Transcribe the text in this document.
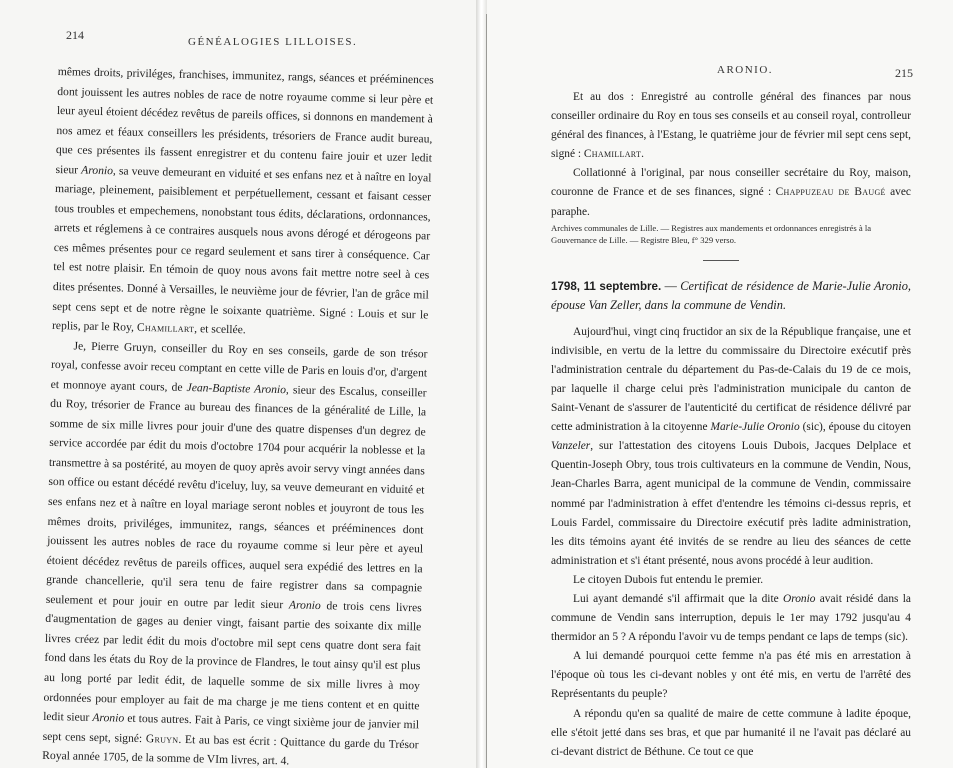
214	GÉNÉALOGIES LILLOISES.

mêmes droits, priviléges, franchises, immunitez, rangs, séances et prééminences dont jouissent les autres nobles de race de notre royaume comme si leur père et leur ayeul étoient décédez revêtus de pareils offices, si donnons en mandement à nos amez et féaux conseillers les présidents, trésoriers de France audit bureau, que ces présentes ils fassent enregistrer et du contenu faire jouir et uzer ledit sieur Aronio, sa veuve demeurant en viduité et ses enfans nez et à naître en loyal mariage, pleinement, paisiblement et perpétuellement, cessant et faisant cesser tous troubles et empechemens, nonobstant tous édits, déclarations, ordonnances, arrets et réglemens à ce contraires ausquels nous avons dérogé et dérogeons par ces mêmes présentes pour ce regard seulement et sans tirer à conséquence. Car tel est notre plaisir. En témoin de quoy nous avons fait mettre notre seel à ces dites présentes. Donné à Versailles, le neuvième jour de février, l'an de grâce mil sept cens sept et de notre règne le soixante quatrième. Signé : Louis et sur le replis, par le Roy, Chamillart, et scellée.

Je, Pierre Gruyn, conseiller du Roy en ses conseils, garde de son trésor royal, confesse avoir receu comptant en cette ville de Paris en louis d'or, d'argent et monnoye ayant cours, de Jean-Baptiste Aronio, sieur des Escalus, conseiller du Roy, trésorier de France au bureau des finances de la généralité de Lille, la somme de six mille livres pour jouir d'une des quatre dispenses d'un degrez de service accordée par édit du mois d'octobre 1704 pour acquérir la noblesse et la transmettre à sa postérité, au moyen de quoy après avoir servy vingt années dans son office ou estant décédé revêtu d'iceluy, luy, sa veuve demeurant en viduité et ses enfans nez et à naître en loyal mariage seront nobles et jouyront de tous les mêmes droits, priviléges, immunitez, rangs, séances et prééminences dont jouissent les autres nobles de race du royaume comme si leur père et ayeul étoient décédez revêtus de pareils offices, auquel sera expédié des lettres en la grande chancellerie, qu'il sera tenu de faire registrer dans sa compagnie seulement et pour jouir en outre par ledit sieur Aronio de trois cens livres d'augmentation de gages au denier vingt, faisant partie des soixante dix mille livres créez par ledit édit du mois d'octobre mil sept cens quatre dont sera fait fond dans les états du Roy de la province de Flandres, le tout ainsy qu'il est plus au long porté par ledit édit, de laquelle somme de six mille livres à moy ordonnées pour employer au fait de ma charge je me tiens content et en quitte ledit sieur Aronio et tous autres. Fait à Paris, ce vingt sixième jour de janvier mil sept cens sept, signé: Gruyn. Et au bas est écrit : Quittance du garde du Trésor Royal année 1705, de la somme de VIm livres, art. 4.

ARONIO.	215

Et au dos : Enregistré au controlle général des finances par nous conseiller ordinaire du Roy en tous ses conseils et au conseil royal, controlleur général des finances, à l'Estang, le quatrième jour de février mil sept cens sept, signé : Chamillart.

Collationné à l'original, par nous conseiller secrétaire du Roy, maison, couronne de France et de ses finances, signé : Chappuzeau de Baugé avec paraphe.

Archives communales de Lille. — Registres aux mandements et ordonnances enregistrés à la Gouvernance de Lille. — Registre Bleu, f° 329 verso.

1798, 11 septembre. — Certificat de résidence de Marie-Julie Aronio, épouse Van Zeller, dans la commune de Vendin.

Aujourd'hui, vingt cinq fructidor an six de la République française, une et indivisible, en vertu de la lettre du commissaire du Directoire exécutif près l'administration centrale du département du Pas-de-Calais du 19 de ce mois, par laquelle il charge celui près l'administration municipale du canton de Saint-Venant de s'assurer de l'autenticité du certificat de résidence délivré par cette administration à la citoyenne Marie-Julie Oronio (sic), épouse du citoyen Vanzeler, sur l'attestation des citoyens Louis Dubois, Jacques Delplace et Quentin-Joseph Obry, tous trois cultivateurs en la commune de Vendin, Nous, Jean-Charles Barra, agent municipal de la commune de Vendin, commissaire nommé par l'administration à effet d'entendre les témoins ci-dessus repris, et Louis Fardel, commissaire du Directoire exécutif près ladite administration, les dits témoins ayant été invités de se rendre au lieu des séances de cette administration et s'i étant présenté, nous avons procédé à leur audition.

Le citoyen Dubois fut entendu le premier.

Lui ayant demandé s'il affirmait que la dite Oronio avait résidé dans la commune de Vendin sans interruption, depuis le 1er may 1792 jusqu'au 4 thermidor an 5 ? A répondu l'avoir vu de temps pendant ce laps de temps (sic).

A lui demandé pourquoi cette femme n'a pas été mis en arrestation à l'époque où tous les ci-devant nobles y ont été mis, en vertu de l'arrêté des Représentants du peuple?

A répondu qu'en sa qualité de maire de cette commune à ladite époque, elle s'étoit jetté dans ses bras, et que par humanité il ne l'avait pas déclaré au ci-devant district de Béthune. Ce tout ce que
